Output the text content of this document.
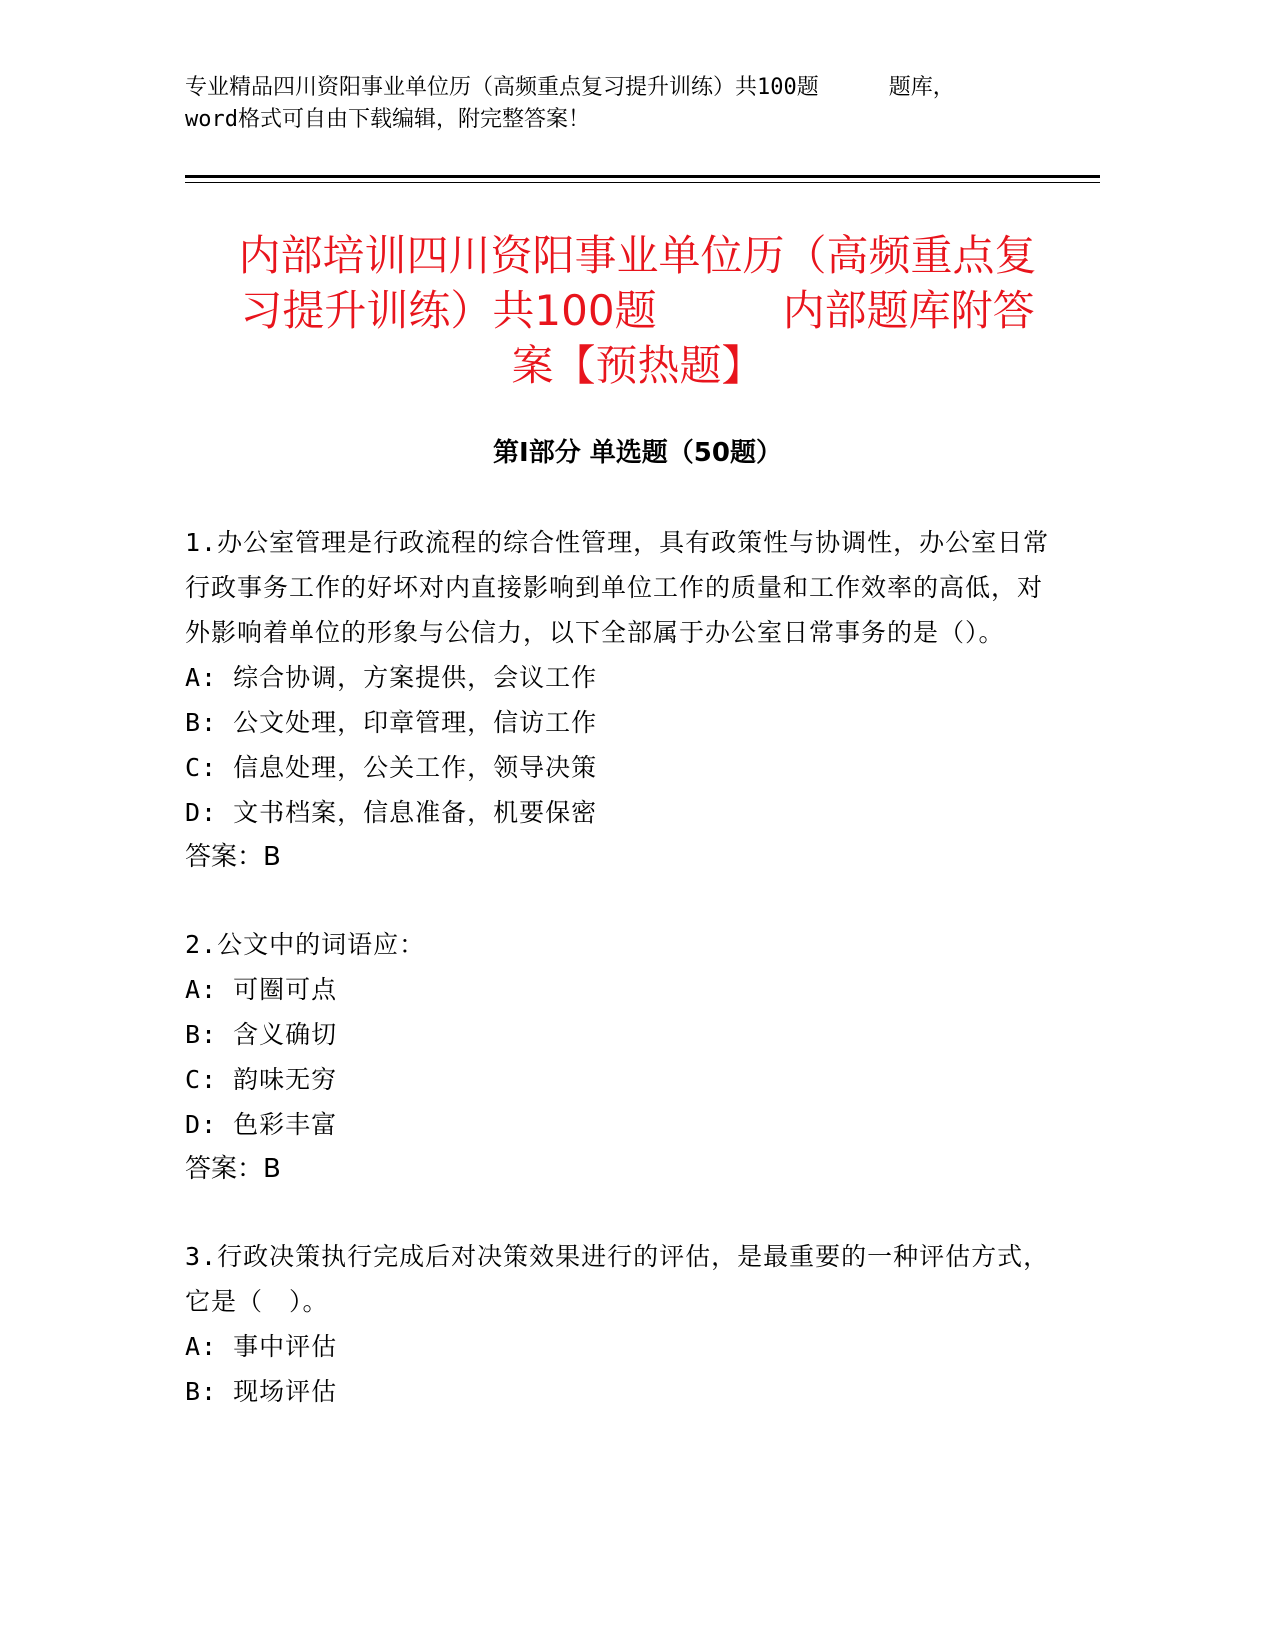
专业精品四川资阳事业单位历（高频重点复习提升训练）共100题	题库，
word格式可自由下载编辑，附完整答案！
内部培训四川资阳事业单位历（高频重点复
习提升训练）共100题　　　内部题库附答
案【预热题】
第Ⅰ部分 单选题（50题）

1.办公室管理是行政流程的综合性管理，具有政策性与协调性，办公室日常行政事务工作的好坏对内直接影响到单位工作的质量和工作效率的高低，对外影响着单位的形象与公信力，以下全部属于办公室日常事务的是（）。

A: 综合协调，方案提供，会议工作

B: 公文处理，印章管理，信访工作

C: 信息处理，公关工作，领导决策

D: 文书档案，信息准备，机要保密

答案：B

2.公文中的词语应：

A: 可圈可点

B: 含义确切

C: 韵味无穷

D: 色彩丰富

答案：B

3.行政决策执行完成后对决策效果进行的评估，是最重要的一种评估方式，它是（　）。

A: 事中评估

B: 现场评估
